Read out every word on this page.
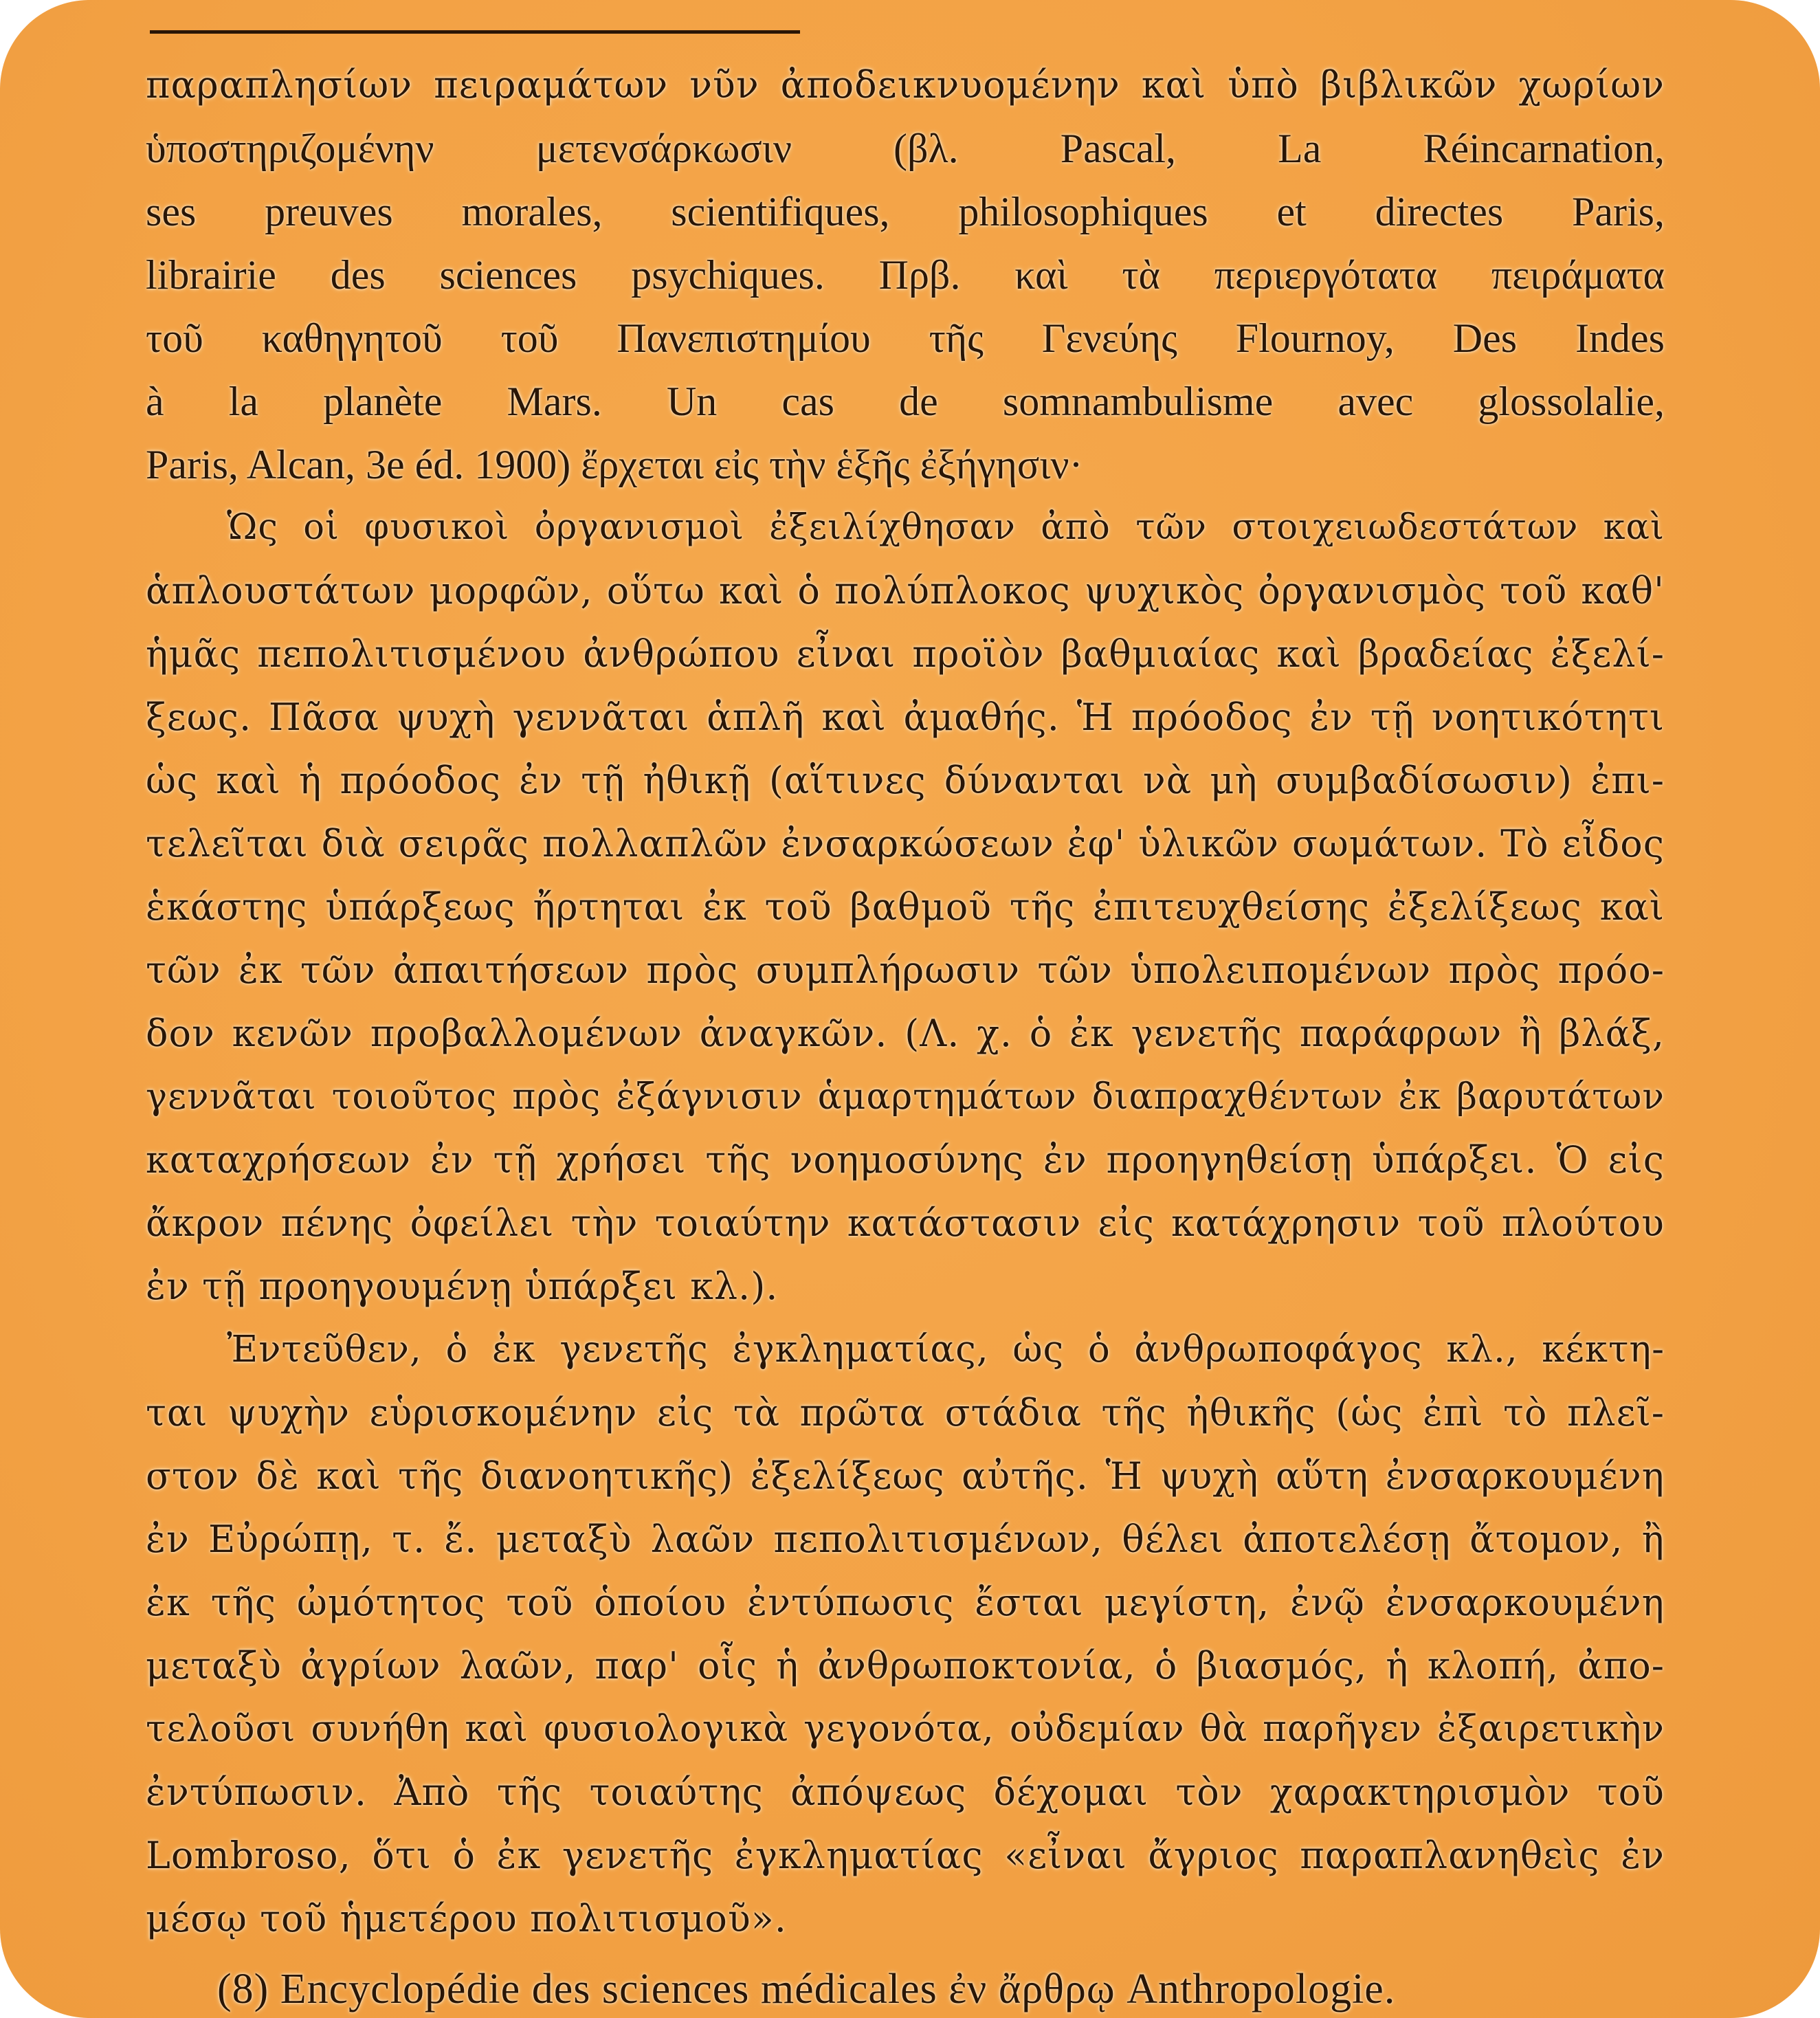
παραπλησίων πειραμάτων νῦν ἀποδεικνυομένην καὶ ὑπὸ βιβλικῶν χωρίων
ὑποστηριζομένην μετενσάρκωσιν (βλ. Pascal, La Réincarnation,
ses preuves morales, scientifiques, philosophiques et directes Paris,
librairie des sciences psychiques. Πρβ. καὶ τὰ περιεργότατα πειράματα
τοῦ καθηγητοῦ τοῦ Πανεπιστημίου τῆς Γενεύης Flournoy, Des Indes
à la planète Mars. Un cas de somnambulisme avec glossolalie,
Paris, Alcan, 3e éd. 1900) ἔρχεται εἰς τὴν ἑξῆς ἐξήγησιν·
Ὡς οἱ φυσικοὶ ὀργανισμοὶ ἐξειλίχθησαν ἀπὸ τῶν στοιχειωδεστάτων καὶ
ἁπλουστάτων μορφῶν, οὕτω καὶ ὁ πολύπλοκος ψυχικὸς ὀργανισμὸς τοῦ καθ'
ἡμᾶς πεπολιτισμένου ἀνθρώπου εἶναι προϊὸν βαθμιαίας καὶ βραδείας ἐξελί-
ξεως. Πᾶσα ψυχὴ γεννᾶται ἁπλῆ καὶ ἀμαθής. Ἡ πρόοδος ἐν τῇ νοητικότητι
ὡς καὶ ἡ πρόοδος ἐν τῇ ἠθικῇ (αἵτινες δύνανται νὰ μὴ συμβαδίσωσιν) ἐπι-
τελεῖται διὰ σειρᾶς πολλαπλῶν ἐνσαρκώσεων ἐφ' ὑλικῶν σωμάτων. Τὸ εἶδος
ἑκάστης ὑπάρξεως ἤρτηται ἐκ τοῦ βαθμοῦ τῆς ἐπιτευχθείσης ἐξελίξεως καὶ
τῶν ἐκ τῶν ἀπαιτήσεων πρὸς συμπλήρωσιν τῶν ὑπολειπομένων πρὸς πρόο-
δον κενῶν προβαλλομένων ἀναγκῶν. (Λ. χ. ὁ ἐκ γενετῆς παράφρων ἢ βλάξ,
γεννᾶται τοιοῦτος πρὸς ἐξάγνισιν ἁμαρτημάτων διαπραχθέντων ἐκ βαρυτάτων
καταχρήσεων ἐν τῇ χρήσει τῆς νοημοσύνης ἐν προηγηθείσῃ ὑπάρξει. Ὁ εἰς
ἄκρον πένης ὀφείλει τὴν τοιαύτην κατάστασιν εἰς κατάχρησιν τοῦ πλούτου
ἐν τῇ προηγουμένῃ ὑπάρξει κλ.).
Ἐντεῦθεν, ὁ ἐκ γενετῆς ἐγκληματίας, ὡς ὁ ἀνθρωποφάγος κλ., κέκτη-
ται ψυχὴν εὑρισκομένην εἰς τὰ πρῶτα στάδια τῆς ἠθικῆς (ὡς ἐπὶ τὸ πλεῖ-
στον δὲ καὶ τῆς διανοητικῆς) ἐξελίξεως αὐτῆς. Ἡ ψυχὴ αὕτη ἐνσαρκουμένη
ἐν Εὐρώπῃ, τ. ἔ. μεταξὺ λαῶν πεπολιτισμένων, θέλει ἀποτελέσῃ ἄτομον, ἢ
ἐκ τῆς ὠμότητος τοῦ ὁποίου ἐντύπωσις ἔσται μεγίστη, ἐνῷ ἐνσαρκουμένη
μεταξὺ ἀγρίων λαῶν, παρ' οἷς ἡ ἀνθρωποκτονία, ὁ βιασμός, ἡ κλοπή, ἀπο-
τελοῦσι συνήθη καὶ φυσιολογικὰ γεγονότα, οὐδεμίαν θὰ παρῆγεν ἐξαιρετικὴν
ἐντύπωσιν. Ἀπὸ τῆς τοιαύτης ἀπόψεως δέχομαι τὸν χαρακτηρισμὸν τοῦ
Lombroso, ὅτι ὁ ἐκ γενετῆς ἐγκληματίας «εἶναι ἄγριος παραπλανηθεὶς ἐν
μέσῳ τοῦ ἡμετέρου πολιτισμοῦ».
(8) Encyclopédie des sciences médicales ἐν ἄρθρῳ Anthropologie.
